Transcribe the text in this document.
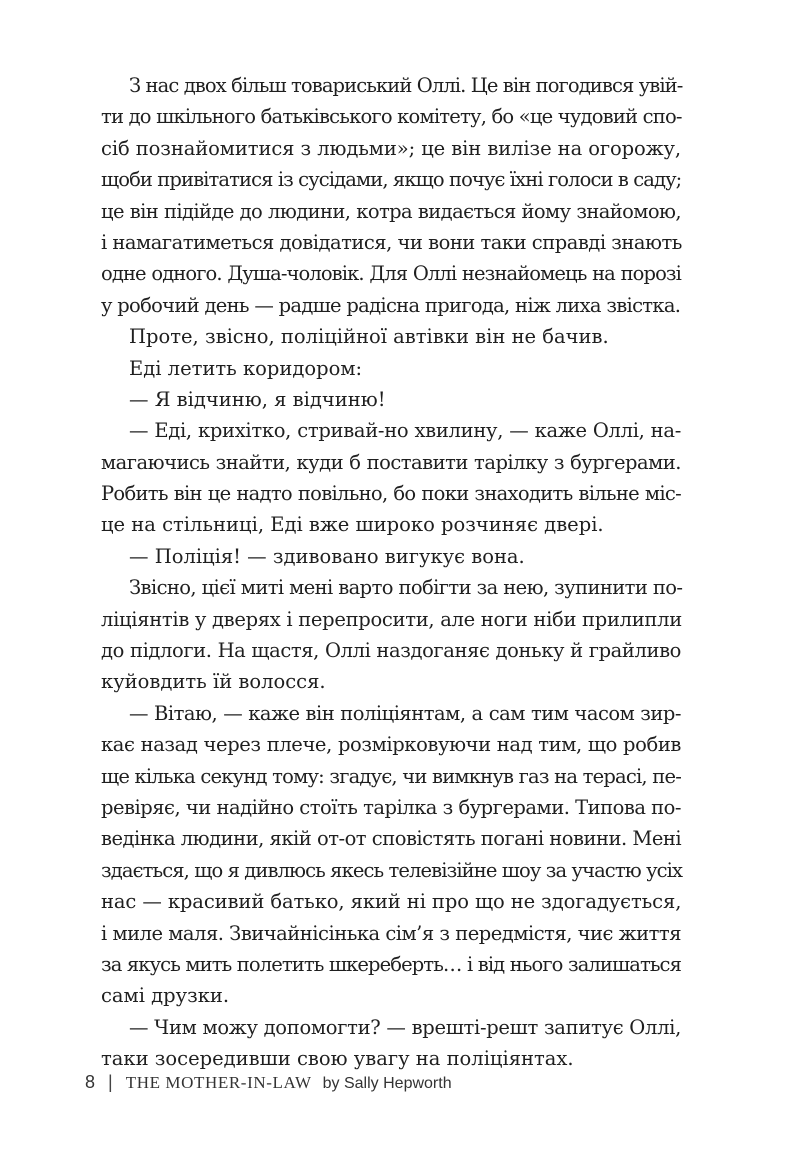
З нас двох більш товариський Оллі. Це він погодився увій-
ти до шкільного батьківського комітету, бо «це чудовий спо-
сіб познайомитися з людьми»; це він вилізе на огорожу,
щоби привітатися із сусідами, якщо почує їхні голоси в саду;
це він підійде до людини, котра видається йому знайомою,
і намагатиметься довідатися, чи вони таки справді знають
одне одного. Душа-чоловік. Для Оллі незнайомець на порозі
у робочий день — радше радісна пригода, ніж лиха звістка.
Проте, звісно, поліційної автівки він не бачив.
Еді летить коридором:
— Я відчиню, я відчиню!
— Еді, крихітко, стривай-но хвилину, — каже Оллі, на-
магаючись знайти, куди б поставити тарілку з бургерами.
Робить він це надто повільно, бо поки знаходить вільне міс-
це на стільниці, Еді вже широко розчиняє двері.
— Поліція! — здивовано вигукує вона.
Звісно, цієї миті мені варто побігти за нею, зупинити по-
ліціянтів у дверях і перепросити, але ноги ніби прилипли
до підлоги. На щастя, Оллі наздоганяє доньку й грайливо
куйовдить їй волосся.
— Вітаю, — каже він поліціянтам, а сам тим часом зир-
кає назад через плече, розмірковуючи над тим, що робив
ще кілька секунд тому: згадує, чи вимкнув газ на терасі, пе-
ревіряє, чи надійно стоїть тарілка з бургерами. Типова по-
ведінка людини, якій от-от сповістять погані новини. Мені
здається, що я дивлюсь якесь телевізійне шоу за участю усіх
нас — красивий батько, який ні про що не здогадується,
і миле маля. Звичайнісінька сім’я з передмістя, чиє життя
за якусь мить полетить шкереберть… і від нього залишаться
самі друзки.
— Чим можу допомогти? — врешті-решт запитує Оллі,
таки зосередивши свою увагу на поліціянтах.
8 | THE MOTHER-IN-LAW by Sally Hepworth
